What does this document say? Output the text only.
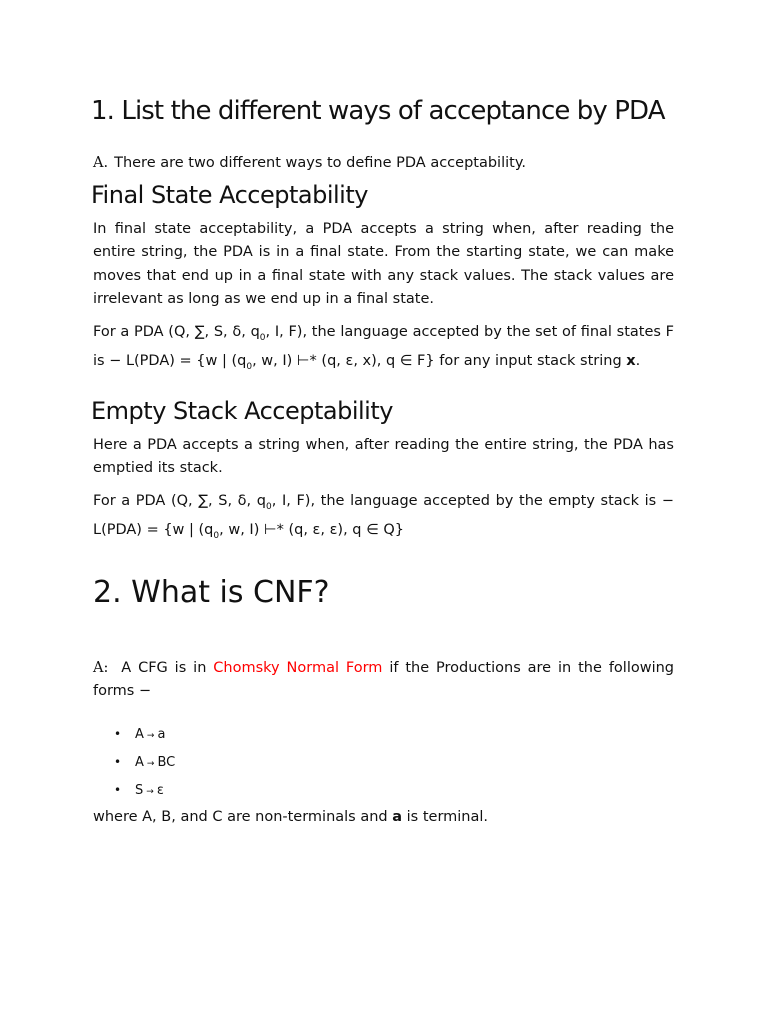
1. List the different ways of acceptance by PDA

A. There are two different ways to define PDA acceptability.

Final State Acceptability

In final state acceptability, a PDA accepts a string when, after reading the entire string, the PDA is in a final state. From the starting state, we can make moves that end up in a final state with any stack values. The stack values are irrelevant as long as we end up in a final state.

For a PDA (Q, ∑, S, δ, $q_0$, I, F), the language accepted by the set of final states F is − L(PDA) = {w | ($q_0$, w, I) ⊢* (q, ε, x), q ∈ F} for any input stack string x.

Empty Stack Acceptability

Here a PDA accepts a string when, after reading the entire string, the PDA has emptied its stack.

For a PDA (Q, ∑, S, δ, $q_0$, I, F), the language accepted by the empty stack is − L(PDA) = {w | ($q_0$, w, I) ⊢* (q, ε, ε), q ∈ Q}

2. What is CNF?

A: A CFG is in Chomsky Normal Form if the Productions are in the following forms −

• A → a
• A → BC
• S → ε

where A, B, and C are non-terminals and a is terminal.
